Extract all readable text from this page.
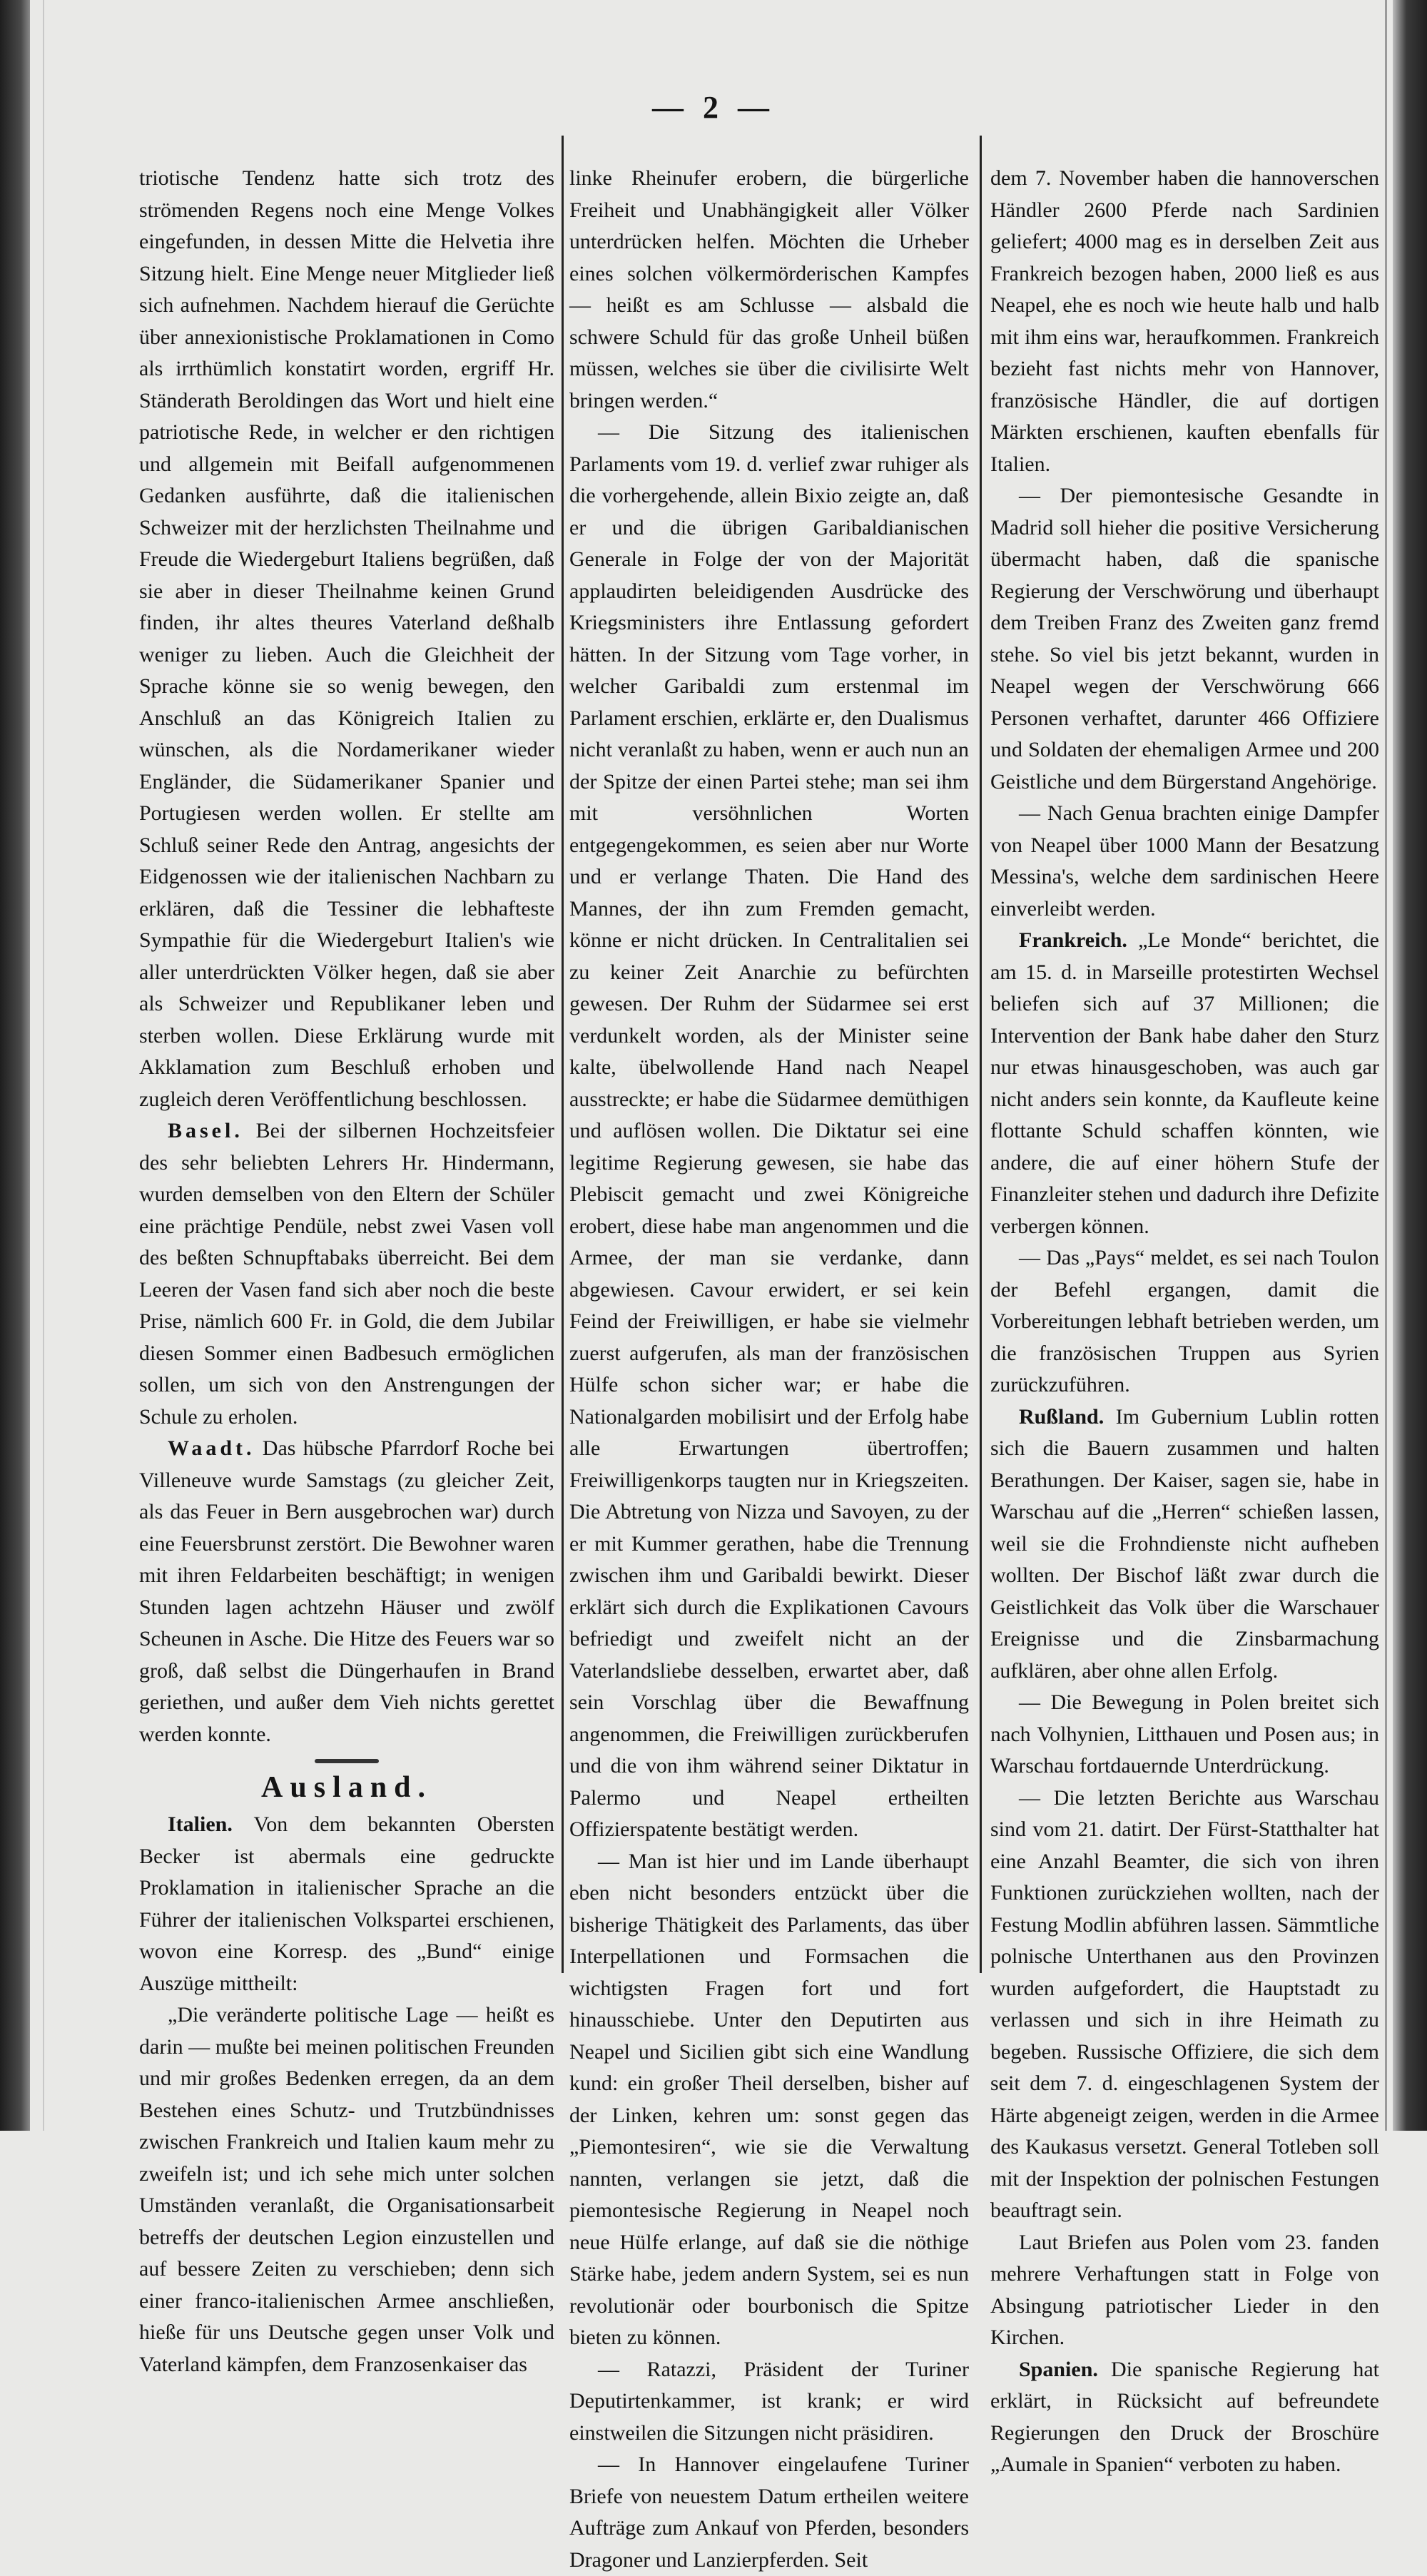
— 2 —

triotische Tendenz hatte sich trotz des strömenden Regens noch eine Menge Volkes eingefunden, in dessen Mitte die Helvetia ihre Sitzung hielt. Eine Menge neuer Mitglieder ließ sich aufnehmen. Nachdem hierauf die Gerüchte über annexionistische Proklamationen in Como als irrthümlich konstatirt worden, ergriff Hr. Ständerath Beroldingen das Wort und hielt eine patriotische Rede, in welcher er den richtigen und allgemein mit Beifall aufgenommenen Gedanken ausführte, daß die italienischen Schweizer mit der herzlichsten Theilnahme und Freude die Wiedergeburt Italiens begrüßen, daß sie aber in dieser Theilnahme keinen Grund finden, ihr altes theures Vaterland deßhalb weniger zu lieben. Auch die Gleichheit der Sprache könne sie so wenig bewegen, den Anschluß an das Königreich Italien zu wünschen, als die Nordamerikaner wieder Engländer, die Südamerikaner Spanier und Portugiesen werden wollen. Er stellte am Schluß seiner Rede den Antrag, angesichts der Eidgenossen wie der italienischen Nachbarn zu erklären, daß die Tessiner die lebhafteste Sympathie für die Wiedergeburt Italien's wie aller unterdrückten Völker hegen, daß sie aber als Schweizer und Republikaner leben und sterben wollen. Diese Erklärung wurde mit Akklamation zum Beschluß erhoben und zugleich deren Veröffentlichung beschlossen.

Basel. Bei der silbernen Hochzeitsfeier des sehr beliebten Lehrers Hr. Hindermann, wurden demselben von den Eltern der Schüler eine prächtige Pendüle, nebst zwei Vasen voll des beßten Schnupftabaks überreicht. Bei dem Leeren der Vasen fand sich aber noch die beste Prise, nämlich 600 Fr. in Gold, die dem Jubilar diesen Sommer einen Badbesuch ermöglichen sollen, um sich von den Anstrengungen der Schule zu erholen.

Waadt. Das hübsche Pfarrdorf Roche bei Villeneuve wurde Samstags (zu gleicher Zeit, als das Feuer in Bern ausgebrochen war) durch eine Feuersbrunst zerstört. Die Bewohner waren mit ihren Feldarbeiten beschäftigt; in wenigen Stunden lagen achtzehn Häuser und zwölf Scheunen in Asche. Die Hitze des Feuers war so groß, daß selbst die Düngerhaufen in Brand geriethen, und außer dem Vieh nichts gerettet werden konnte.

Ausland.

Italien. Von dem bekannten Obersten Becker ist abermals eine gedruckte Proklamation in italienischer Sprache an die Führer der italienischen Volkspartei erschienen, wovon eine Korresp. des „Bund“ einige Auszüge mittheilt:

„Die veränderte politische Lage — heißt es darin — mußte bei meinen politischen Freunden und mir großes Bedenken erregen, da an dem Bestehen eines Schutz- und Trutzbündnisses zwischen Frankreich und Italien kaum mehr zu zweifeln ist; und ich sehe mich unter solchen Umständen veranlaßt, die Organisationsarbeit betreffs der deutschen Legion einzustellen und auf bessere Zeiten zu verschieben; denn sich einer franco-italienischen Armee anschließen, hieße für uns Deutsche gegen unser Volk und Vaterland kämpfen, dem Franzosenkaiser das

linke Rheinufer erobern, die bürgerliche Freiheit und Unabhängigkeit aller Völker unterdrücken helfen. Möchten die Urheber eines solchen völkermörderischen Kampfes — heißt es am Schlusse — alsbald die schwere Schuld für das große Unheil büßen müssen, welches sie über die civilisirte Welt bringen werden.“

— Die Sitzung des italienischen Parlaments vom 19. d. verlief zwar ruhiger als die vorhergehende, allein Bixio zeigte an, daß er und die übrigen Garibaldianischen Generale in Folge der von der Majorität applaudirten beleidigenden Ausdrücke des Kriegsministers ihre Entlassung gefordert hätten. In der Sitzung vom Tage vorher, in welcher Garibaldi zum erstenmal im Parlament erschien, erklärte er, den Dualismus nicht veranlaßt zu haben, wenn er auch nun an der Spitze der einen Partei stehe; man sei ihm mit versöhnlichen Worten entgegengekommen, es seien aber nur Worte und er verlange Thaten. Die Hand des Mannes, der ihn zum Fremden gemacht, könne er nicht drücken. In Centralitalien sei zu keiner Zeit Anarchie zu befürchten gewesen. Der Ruhm der Südarmee sei erst verdunkelt worden, als der Minister seine kalte, übelwollende Hand nach Neapel ausstreckte; er habe die Südarmee demüthigen und auflösen wollen. Die Diktatur sei eine legitime Regierung gewesen, sie habe das Plebiscit gemacht und zwei Königreiche erobert, diese habe man angenommen und die Armee, der man sie verdanke, dann abgewiesen. Cavour erwidert, er sei kein Feind der Freiwilligen, er habe sie vielmehr zuerst aufgerufen, als man der französischen Hülfe schon sicher war; er habe die Nationalgarden mobilisirt und der Erfolg habe alle Erwartungen übertroffen; Freiwilligenkorps taugten nur in Kriegszeiten. Die Abtretung von Nizza und Savoyen, zu der er mit Kummer gerathen, habe die Trennung zwischen ihm und Garibaldi bewirkt. Dieser erklärt sich durch die Explikationen Cavours befriedigt und zweifelt nicht an der Vaterlandsliebe desselben, erwartet aber, daß sein Vorschlag über die Bewaffnung angenommen, die Freiwilligen zurückberufen und die von ihm während seiner Diktatur in Palermo und Neapel ertheilten Offizierspatente bestätigt werden.

— Man ist hier und im Lande überhaupt eben nicht besonders entzückt über die bisherige Thätigkeit des Parlaments, das über Interpellationen und Formsachen die wichtigsten Fragen fort und fort hinausschiebe. Unter den Deputirten aus Neapel und Sicilien gibt sich eine Wandlung kund: ein großer Theil derselben, bisher auf der Linken, kehren um: sonst gegen das „Piemontesiren“, wie sie die Verwaltung nannten, verlangen sie jetzt, daß die piemontesische Regierung in Neapel noch neue Hülfe erlange, auf daß sie die nöthige Stärke habe, jedem andern System, sei es nun revolutionär oder bourbonisch die Spitze bieten zu können.

— Ratazzi, Präsident der Turiner Deputirtenkammer, ist krank; er wird einstweilen die Sitzungen nicht präsidiren.

— In Hannover eingelaufene Turiner Briefe von neuestem Datum ertheilen weitere Aufträge zum Ankauf von Pferden, besonders Dragoner und Lanzierpferden. Seit

dem 7. November haben die hannoverschen Händler 2600 Pferde nach Sardinien geliefert; 4000 mag es in derselben Zeit aus Frankreich bezogen haben, 2000 ließ es aus Neapel, ehe es noch wie heute halb und halb mit ihm eins war, heraufkommen. Frankreich bezieht fast nichts mehr von Hannover, französische Händler, die auf dortigen Märkten erschienen, kauften ebenfalls für Italien.

— Der piemontesische Gesandte in Madrid soll hieher die positive Versicherung übermacht haben, daß die spanische Regierung der Verschwörung und überhaupt dem Treiben Franz des Zweiten ganz fremd stehe. So viel bis jetzt bekannt, wurden in Neapel wegen der Verschwörung 666 Personen verhaftet, darunter 466 Offiziere und Soldaten der ehemaligen Armee und 200 Geistliche und dem Bürgerstand Angehörige.

— Nach Genua brachten einige Dampfer von Neapel über 1000 Mann der Besatzung Messina's, welche dem sardinischen Heere einverleibt werden.

Frankreich. „Le Monde“ berichtet, die am 15. d. in Marseille protestirten Wechsel beliefen sich auf 37 Millionen; die Intervention der Bank habe daher den Sturz nur etwas hinausgeschoben, was auch gar nicht anders sein konnte, da Kaufleute keine flottante Schuld schaffen könnten, wie andere, die auf einer höhern Stufe der Finanzleiter stehen und dadurch ihre Defizite verbergen können.

— Das „Pays“ meldet, es sei nach Toulon der Befehl ergangen, damit die Vorbereitungen lebhaft betrieben werden, um die französischen Truppen aus Syrien zurückzuführen.

Rußland. Im Gubernium Lublin rotten sich die Bauern zusammen und halten Berathungen. Der Kaiser, sagen sie, habe in Warschau auf die „Herren“ schießen lassen, weil sie die Frohndienste nicht aufheben wollten. Der Bischof läßt zwar durch die Geistlichkeit das Volk über die Warschauer Ereignisse und die Zinsbarmachung aufklären, aber ohne allen Erfolg.

— Die Bewegung in Polen breitet sich nach Volhynien, Litthauen und Posen aus; in Warschau fortdauernde Unterdrückung.

— Die letzten Berichte aus Warschau sind vom 21. datirt. Der Fürst-Statthalter hat eine Anzahl Beamter, die sich von ihren Funktionen zurückziehen wollten, nach der Festung Modlin abführen lassen. Sämmtliche polnische Unterthanen aus den Provinzen wurden aufgefordert, die Hauptstadt zu verlassen und sich in ihre Heimath zu begeben. Russische Offiziere, die sich dem seit dem 7. d. eingeschlagenen System der Härte abgeneigt zeigen, werden in die Armee des Kaukasus versetzt. General Totleben soll mit der Inspektion der polnischen Festungen beauftragt sein.

Laut Briefen aus Polen vom 23. fanden mehrere Verhaftungen statt in Folge von Absingung patriotischer Lieder in den Kirchen.

Spanien. Die spanische Regierung hat erklärt, in Rücksicht auf befreundete Regierungen den Druck der Broschüre „Aumale in Spanien“ verboten zu haben.
